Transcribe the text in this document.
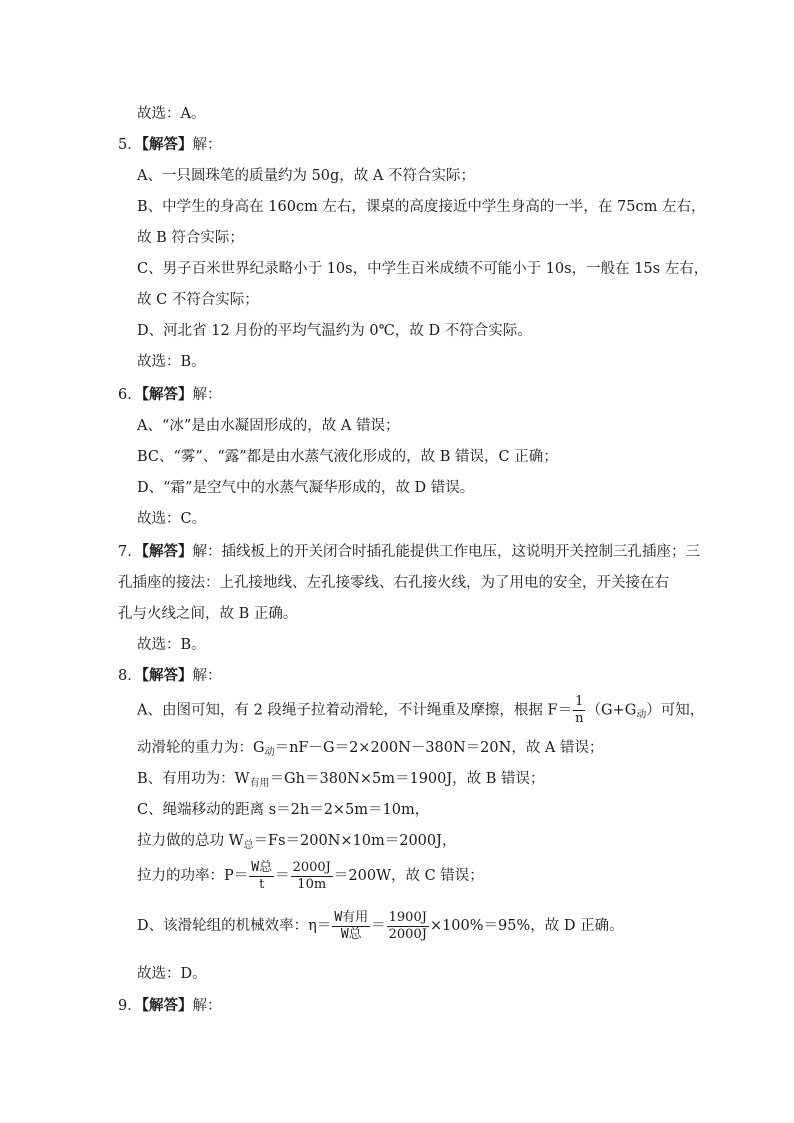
故选：A。
5．【解答】解：
A、一只圆珠笔的质量约为 50g，故 A 不符合实际；
B、中学生的身高在 160cm 左右，课桌的高度接近中学生身高的一半，在 75cm 左右，
故 B 符合实际；
C、男子百米世界纪录略小于 10s，中学生百米成绩不可能小于 10s，一般在 15s 左右，
故 C 不符合实际；
D、河北省 12 月份的平均气温约为 0℃，故 D 不符合实际。
故选：B。
6．【解答】解：
A、“冰”是由水凝固形成的，故 A 错误；
BC、“雾”、“露”都是由水蒸气液化形成的，故 B 错误，C 正确；
D、“霜”是空气中的水蒸气凝华形成的，故 D 错误。
故选：C。
7．【解答】解：插线板上的开关闭合时插孔能提供工作电压，这说明开关控制三孔插座；三
孔插座的接法：上孔接地线、左孔接零线、右孔接火线，为了用电的安全，开关接在右
孔与火线之间，故 B 正确。
故选：B。
8．【解答】解：
A、由图可知，有 2 段绳子拉着动滑轮，不计绳重及摩擦，根据 $F= \frac{1}{n} (G+G_动)$可知，
动滑轮的重力为：$G_动=nF-G=2\times 200N-380N=20N$，故 A 错误；
B、有用功为：$W_{有用}=Gh=380N\times 5m=1900J$，故 B 错误；
C、绳端移动的距离 s＝2h＝2×5m＝10m，
拉力做的总功 $W_总=Fs=200N\times 10m=2000J$，
拉力的功率：$P= \frac{\text{W总}}{t} = \frac{2000J}{10m} =200W$，故 C 错误；
D、该滑轮组的机械效率：$\eta= \frac{\text{W有用}}{\text{W总}} = \frac{1900J}{2000J} \times 100\%=95\%$，故 D 正确。
故选：D。
9．【解答】解：
